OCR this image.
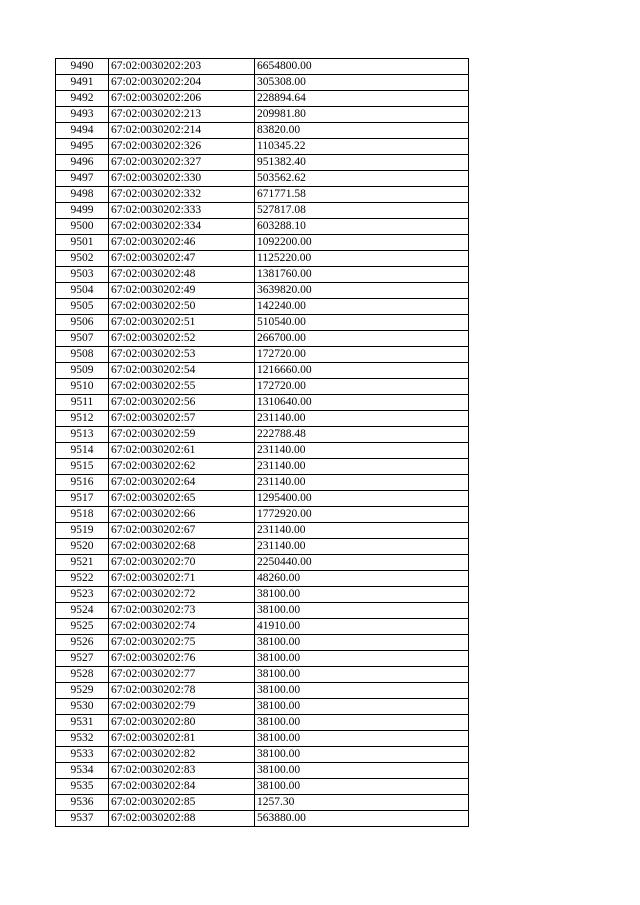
9490	67:02:0030202:203	6654800.00
9491	67:02:0030202:204	305308.00
9492	67:02:0030202:206	228894.64
9493	67:02:0030202:213	209981.80
9494	67:02:0030202:214	83820.00
9495	67:02:0030202:326	110345.22
9496	67:02:0030202:327	951382.40
9497	67:02:0030202:330	503562.62
9498	67:02:0030202:332	671771.58
9499	67:02:0030202:333	527817.08
9500	67:02:0030202:334	603288.10
9501	67:02:0030202:46	1092200.00
9502	67:02:0030202:47	1125220.00
9503	67:02:0030202:48	1381760.00
9504	67:02:0030202:49	3639820.00
9505	67:02:0030202:50	142240.00
9506	67:02:0030202:51	510540.00
9507	67:02:0030202:52	266700.00
9508	67:02:0030202:53	172720.00
9509	67:02:0030202:54	1216660.00
9510	67:02:0030202:55	172720.00
9511	67:02:0030202:56	1310640.00
9512	67:02:0030202:57	231140.00
9513	67:02:0030202:59	222788.48
9514	67:02:0030202:61	231140.00
9515	67:02:0030202:62	231140.00
9516	67:02:0030202:64	231140.00
9517	67:02:0030202:65	1295400.00
9518	67:02:0030202:66	1772920.00
9519	67:02:0030202:67	231140.00
9520	67:02:0030202:68	231140.00
9521	67:02:0030202:70	2250440.00
9522	67:02:0030202:71	48260.00
9523	67:02:0030202:72	38100.00
9524	67:02:0030202:73	38100.00
9525	67:02:0030202:74	41910.00
9526	67:02:0030202:75	38100.00
9527	67:02:0030202:76	38100.00
9528	67:02:0030202:77	38100.00
9529	67:02:0030202:78	38100.00
9530	67:02:0030202:79	38100.00
9531	67:02:0030202:80	38100.00
9532	67:02:0030202:81	38100.00
9533	67:02:0030202:82	38100.00
9534	67:02:0030202:83	38100.00
9535	67:02:0030202:84	38100.00
9536	67:02:0030202:85	1257.30
9537	67:02:0030202:88	563880.00
